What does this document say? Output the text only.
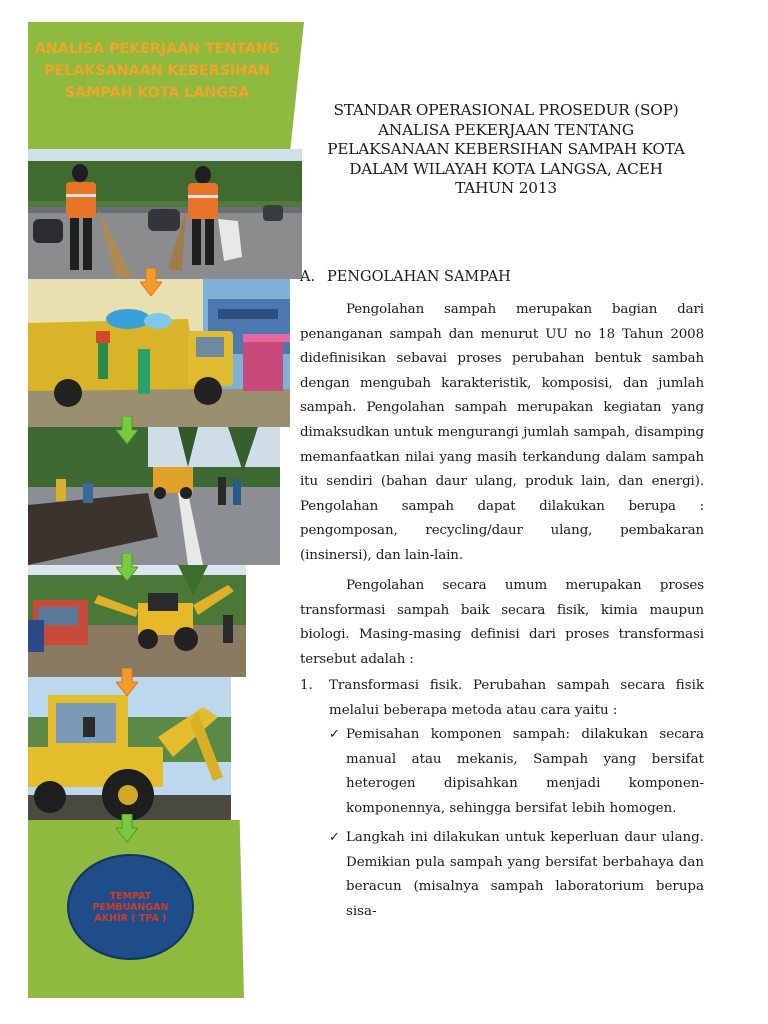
ANALISA PEKERJAAN TENTANG PELAKSANAAN KEBERSIHAN SAMPAH KOTA LANGSA
TEMPAT PEMBUANGAN AKHIR ( TPA )
STANDAR OPERASIONAL PROSEDUR (SOP)
ANALISA PEKERJAAN TENTANG
PELAKSANAAN KEBERSIHAN SAMPAH KOTA
DALAM WILAYAH KOTA LANGSA, ACEH
TAHUN 2013
A. PENGOLAHAN SAMPAH
Pengolahan sampah merupakan bagian dari penanganan sampah dan menurut UU no 18 Tahun 2008 didefinisikan sebavai proses perubahan bentuk sambah dengan mengubah karakteristik, komposisi, dan jumlah sampah. Pengolahan sampah merupakan kegiatan yang dimaksudkan untuk mengurangi jumlah sampah, disamping memanfaatkan nilai yang masih terkandung dalam sampah itu sendiri (bahan daur ulang, produk lain, dan energi). Pengolahan sampah dapat dilakukan berupa : pengomposan, recycling/daur ulang, pembakaran (insinersi), dan lain-lain.
Pengolahan secara umum merupakan proses transformasi sampah baik secara fisik, kimia maupun biologi. Masing-masing definisi dari proses transformasi tersebut adalah :
1. Transformasi fisik. Perubahan sampah secara fisik melalui beberapa metoda atau cara yaitu :
✓ Pemisahan komponen sampah: dilakukan secara manual atau mekanis, Sampah yang bersifat heterogen dipisahkan menjadi komponen-komponennya, sehingga bersifat lebih homogen.
✓ Langkah ini dilakukan untuk keperluan daur ulang. Demikian pula sampah yang bersifat berbahaya dan beracun (misalnya sampah laboratorium berupa sisa-
